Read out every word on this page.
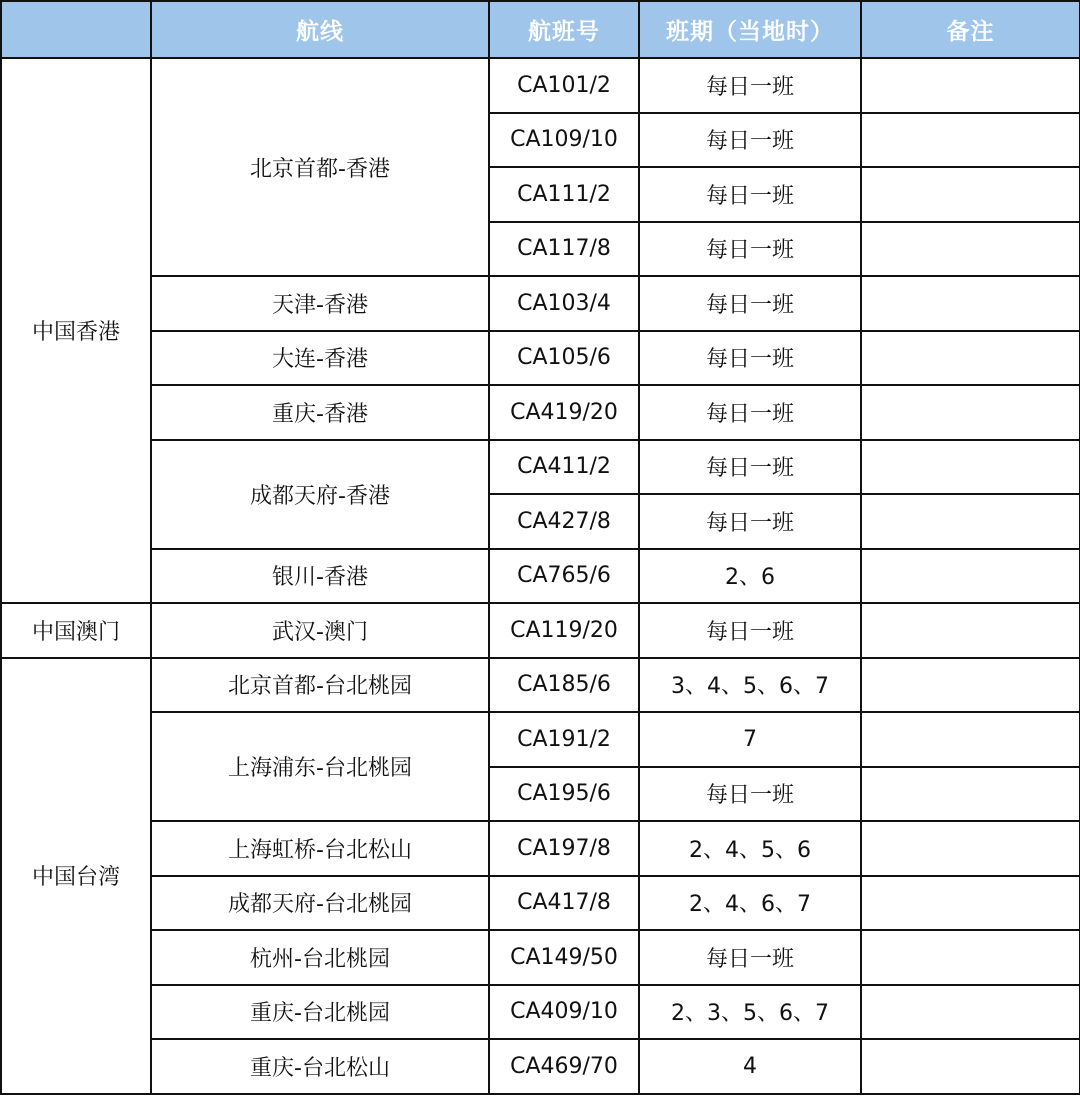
	航线	航班号	班期（当地时）	备注
中国香港	北京首都-香港	CA101/2	每日一班	
		CA109/10	每日一班	
		CA111/2	每日一班	
		CA117/8	每日一班	
	天津-香港	CA103/4	每日一班	
	大连-香港	CA105/6	每日一班	
	重庆-香港	CA419/20	每日一班	
	成都天府-香港	CA411/2	每日一班	
		CA427/8	每日一班	
	银川-香港	CA765/6	2、6	
中国澳门	武汉-澳门	CA119/20	每日一班	
中国台湾	北京首都-台北桃园	CA185/6	3、4、5、6、7	
	上海浦东-台北桃园	CA191/2	7	
		CA195/6	每日一班	
	上海虹桥-台北松山	CA197/8	2、4、5、6	
	成都天府-台北桃园	CA417/8	2、4、6、7	
	杭州-台北桃园	CA149/50	每日一班	
	重庆-台北桃园	CA409/10	2、3、5、6、7	
	重庆-台北松山	CA469/70	4	
